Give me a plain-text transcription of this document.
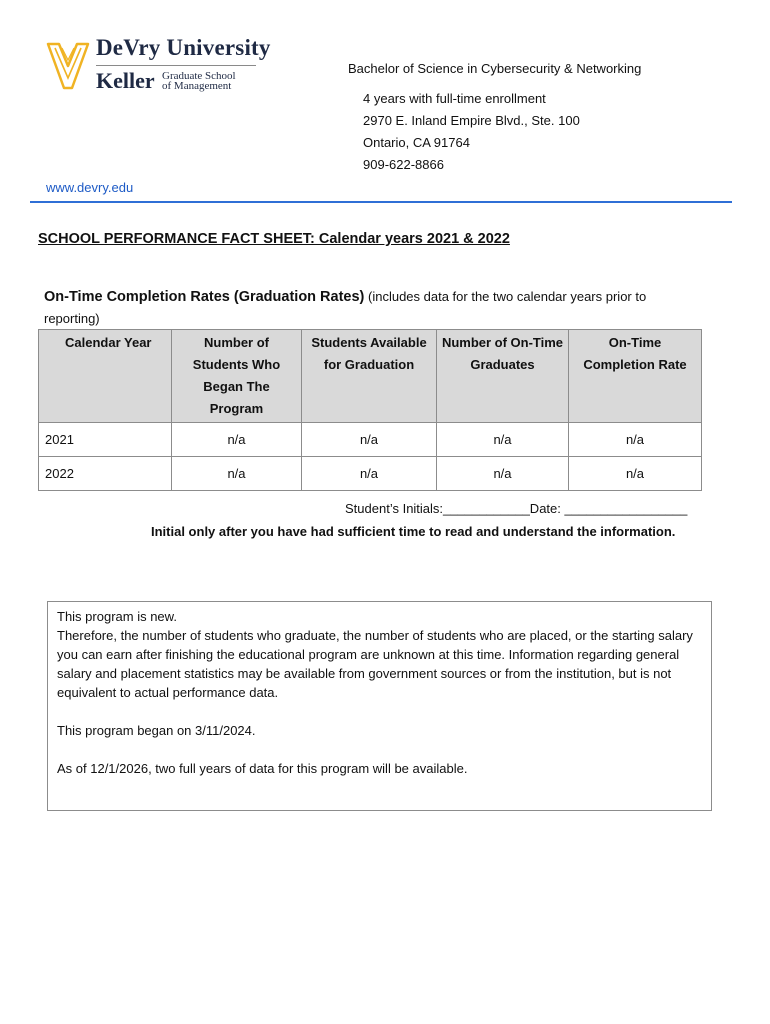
DeVry University
Keller Graduate School
of Management
Bachelor of Science in Cybersecurity & Networking
4 years with full-time enrollment
2970 E. Inland Empire Blvd., Ste. 100
Ontario, CA 91764
909-622-8866
www.devry.edu
SCHOOL PERFORMANCE FACT SHEET: Calendar years 2021 & 2022
On-Time Completion Rates (Graduation Rates) (includes data for the two calendar years prior to reporting)
Calendar Year	Number of Students Who Began The Program	Students Available for Graduation	Number of On-Time Graduates	On-Time Completion Rate
2021	n/a	n/a	n/a	n/a
2022	n/a	n/a	n/a	n/a
Student’s Initials:____________Date: _________________
Initial only after you have had sufficient time to read and understand the information.

This program is new.

Therefore, the number of students who graduate, the number of students who are placed, or the starting salary you can earn after finishing the educational program are unknown at this time. Information regarding general salary and placement statistics may be available from government sources or from the institution, but is not equivalent to actual performance data.

This program began on 3/11/2024.

As of 12/1/2026, two full years of data for this program will be available.
